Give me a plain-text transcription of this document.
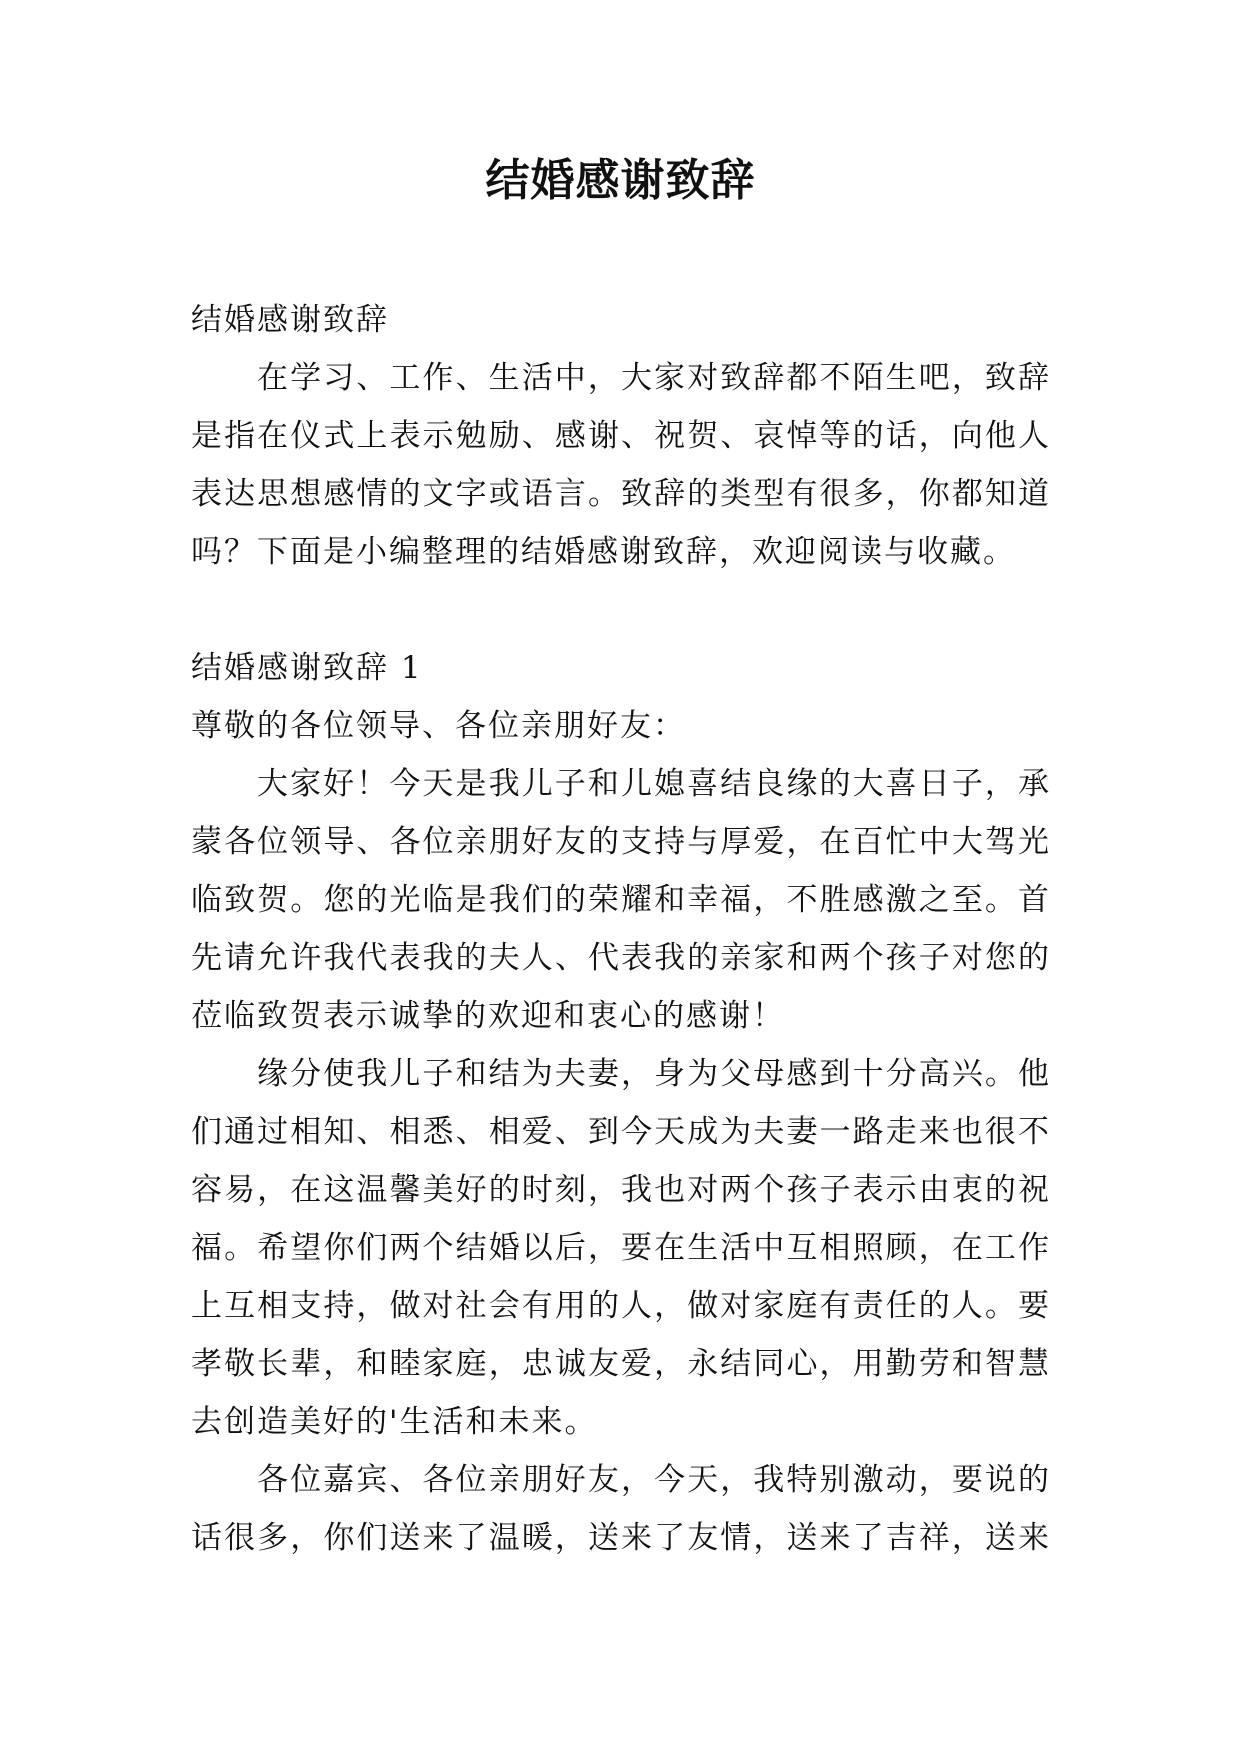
结婚感谢致辞
结婚感谢致辞
在学习、工作、生活中，大家对致辞都不陌生吧，致辞
是指在仪式上表示勉励、感谢、祝贺、哀悼等的话，向他人
表达思想感情的文字或语言。致辞的类型有很多，你都知道
吗？下面是小编整理的结婚感谢致辞，欢迎阅读与收藏。
结婚感谢致辞 1
尊敬的各位领导、各位亲朋好友：
大家好！今天是我儿子和儿媳喜结良缘的大喜日子，承
蒙各位领导、各位亲朋好友的支持与厚爱，在百忙中大驾光
临致贺。您的光临是我们的荣耀和幸福，不胜感激之至。首
先请允许我代表我的夫人、代表我的亲家和两个孩子对您的
莅临致贺表示诚挚的欢迎和衷心的感谢！
缘分使我儿子和结为夫妻，身为父母感到十分高兴。他
们通过相知、相悉、相爱、到今天成为夫妻一路走来也很不
容易，在这温馨美好的时刻，我也对两个孩子表示由衷的祝
福。希望你们两个结婚以后，要在生活中互相照顾，在工作
上互相支持，做对社会有用的人，做对家庭有责任的人。要
孝敬长辈，和睦家庭，忠诚友爱，永结同心，用勤劳和智慧
去创造美好的'生活和未来。
各位嘉宾、各位亲朋好友，今天，我特别激动，要说的
话很多，你们送来了温暖，送来了友情，送来了吉祥，送来
